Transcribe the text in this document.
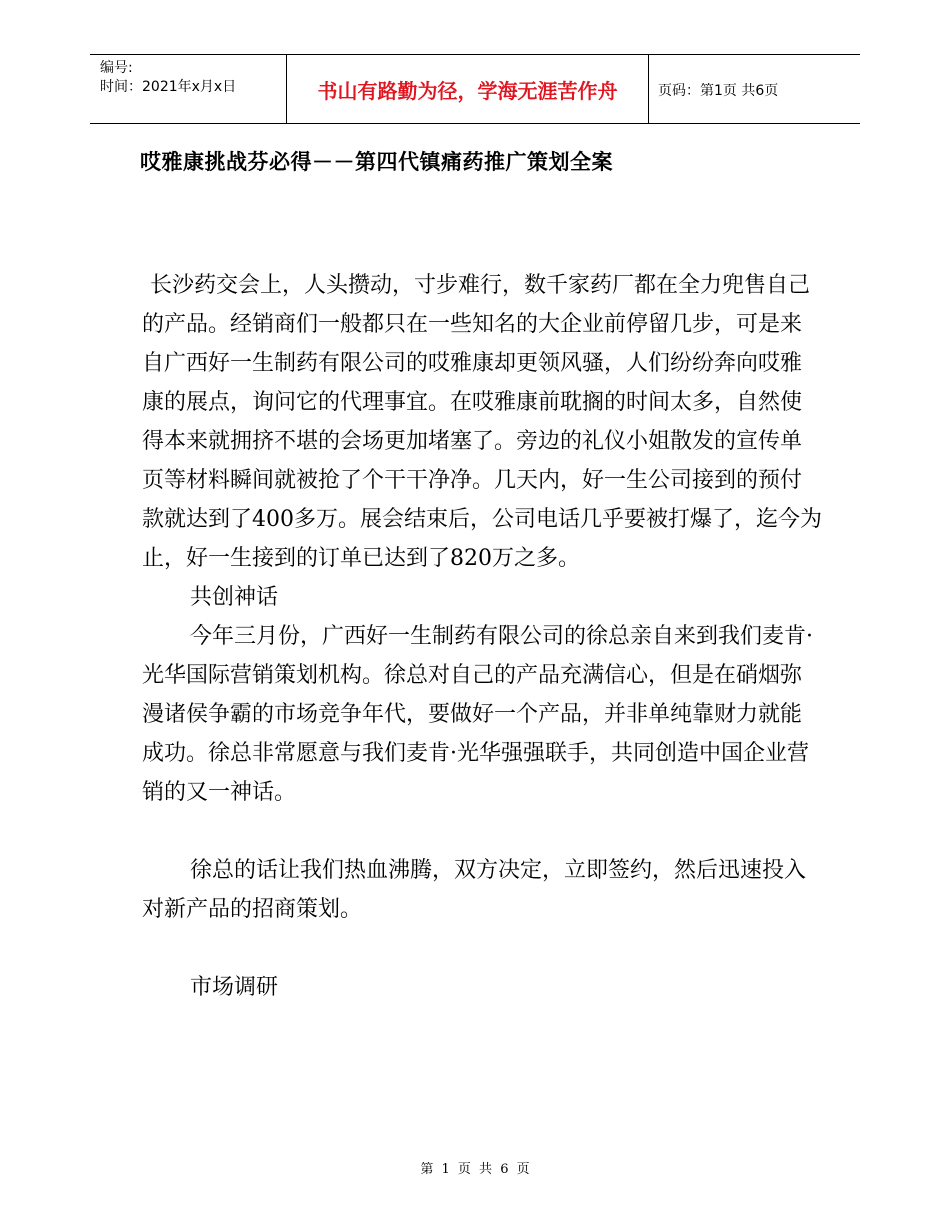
编号:
时间：2021年x月x日	书山有路勤为径，学海无涯苦作舟	页码：第1页 共6页
哎雅康挑战芬必得－－第四代镇痛药推广策划全案

长沙药交会上，人头攒动，寸步难行，数千家药厂都在全力兜售自己的产品。经销商们一般都只在一些知名的大企业前停留几步，可是来自广西好一生制药有限公司的哎雅康却更领风骚，人们纷纷奔向哎雅康的展点，询问它的代理事宜。在哎雅康前耽搁的时间太多，自然使得本来就拥挤不堪的会场更加堵塞了。旁边的礼仪小姐散发的宣传单页等材料瞬间就被抢了个干干净净。几天内，好一生公司接到的预付款就达到了400多万。展会结束后，公司电话几乎要被打爆了，迄今为止，好一生接到的订单已达到了820万之多。

共创神话

今年三月份，广西好一生制药有限公司的徐总亲自来到我们麦肯·光华国际营销策划机构。徐总对自己的产品充满信心，但是在硝烟弥漫诸侯争霸的市场竞争年代，要做好一个产品，并非单纯靠财力就能成功。徐总非常愿意与我们麦肯·光华强强联手，共同创造中国企业营销的又一神话。

徐总的话让我们热血沸腾，双方决定，立即签约，然后迅速投入对新产品的招商策划。

市场调研

第 1 页 共 6 页
